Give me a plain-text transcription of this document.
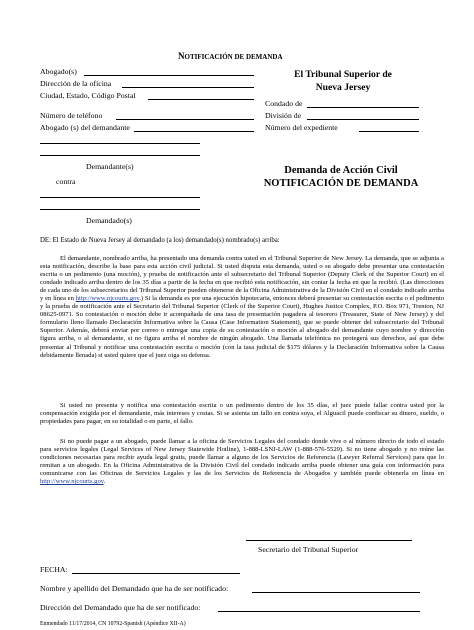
NOTIFICACIÓN DE DEMANDA
Abogado(s)
Dirección de la oficina
Ciudad, Estado, Código Postal
Número de teléfono
Abogado (s) del demandante
El Tribunal Superior de
Nueva Jersey
Condado de
División de
Número del expediente
Demandante(s)
contra
Demandado(s)
Demanda de Acción Civil
NOTIFICACIÓN DE DEMANDA
DE: El Estado de Nueva Jersey al demandado (a los) demandado(s) nombrado(s) arriba:

El demandante, nombrado arriba, ha presentado una demanda contra usted en el Tribunal Superior de New Jersey. La demanda, que se adjunta a esta notificación, describe la base para esta acción civil judicial. Si usted disputa esta demanda, usted o su abogado debe presentar una contestación escrita o un pedimento (una moción), y prueba de notificación ante el subsecretario del Tribunal Superior (Deputy Clerk of the Superior Court) en el condado indicado arriba dentro de los 35 días a partir de la fecha en que recibió esta notificación, sin contar la fecha en que la recibió. (Las direcciones de cada uno de los subsecretarios del Tribunal Superior pueden obtenerse de la Oficina Administrativa de la División Civil en el condado indicado arriba y en línea en http://www.njcourts.gov.) Si la demanda es por una ejecución hipotecaria, entonces deberá presentar su contestación escrita o el pedimento y la prueba de notificación ante el Secretario del Tribunal Superior (Clerk of the Superior Court), Hughes Justice Complex, P.O. Box 971, Trenton, NJ 08625-0971. Su contestación o moción debe ir acompañada de una tasa de presentación pagadera al tesorero (Treasurer, State of New Jersey) y del formulario lleno llamado Declaración Informativa sobre la Causa (Case Information Statement), que se puede obtener del subsecretario del Tribunal Superior. Además, deberá enviar por correo o entregar una copia de su contestación o moción al abogado del demandante cuyo nombre y dirección figura arriba, o al demandante, si no figura arriba el nombre de ningún abogado. Una llamada telefónica no protegerá sus derechos, así que debe presentar al Tribunal y notificar una contestación escrita o moción (con la tasa judicial de $175 dólares y la Declaración Informativa sobre la Causa debidamente llenada) si usted quiere que el juez oiga su defensa.

Si usted no presenta y notifica una contestación escrita o un pedimento dentro de los 35 días, el juez puede fallar contra usted por la compensación exigida por el demandante, más intereses y costas. Si se asienta un fallo en contra suya, el Alguacil puede confiscar su dinero, sueldo, o propiedades para pagar, en su totalidad o en parte, el fallo.

Si no puede pagar a un abogado, puede llamar a la oficina de Servicios Legales del condado donde vive o al número directo de todo el estado para servicios legales (Legal Services of New Jersey Statewide Hotline), 1-888-LSNJ-LAW (1-888-576-5529). Si no tiene abogado y no reúne las condiciones necesarias para recibir ayuda legal gratis, puede llamar a alguno de los Servicios de Referencia (Lawyer Referral Services) para que lo remitan a un abogado. En la Oficina Administrativa de la División Civil del condado indicado arriba puede obtener una guía con información para comunicarse con las Oficinas de Servicios Legales y las de los Servicios de Referencia de Abogados y también puede obtenerla en línea en http://www.njcourts.gov.

Secretario del Tribunal Superior
FECHA:
Nombre y apellido del Demandado que ha de ser notificado:
Dirección del Demandado que ha de ser notificado:
Enmendado 11/17/2014, CN 10792-Spanish (Apéndice XII-A)
